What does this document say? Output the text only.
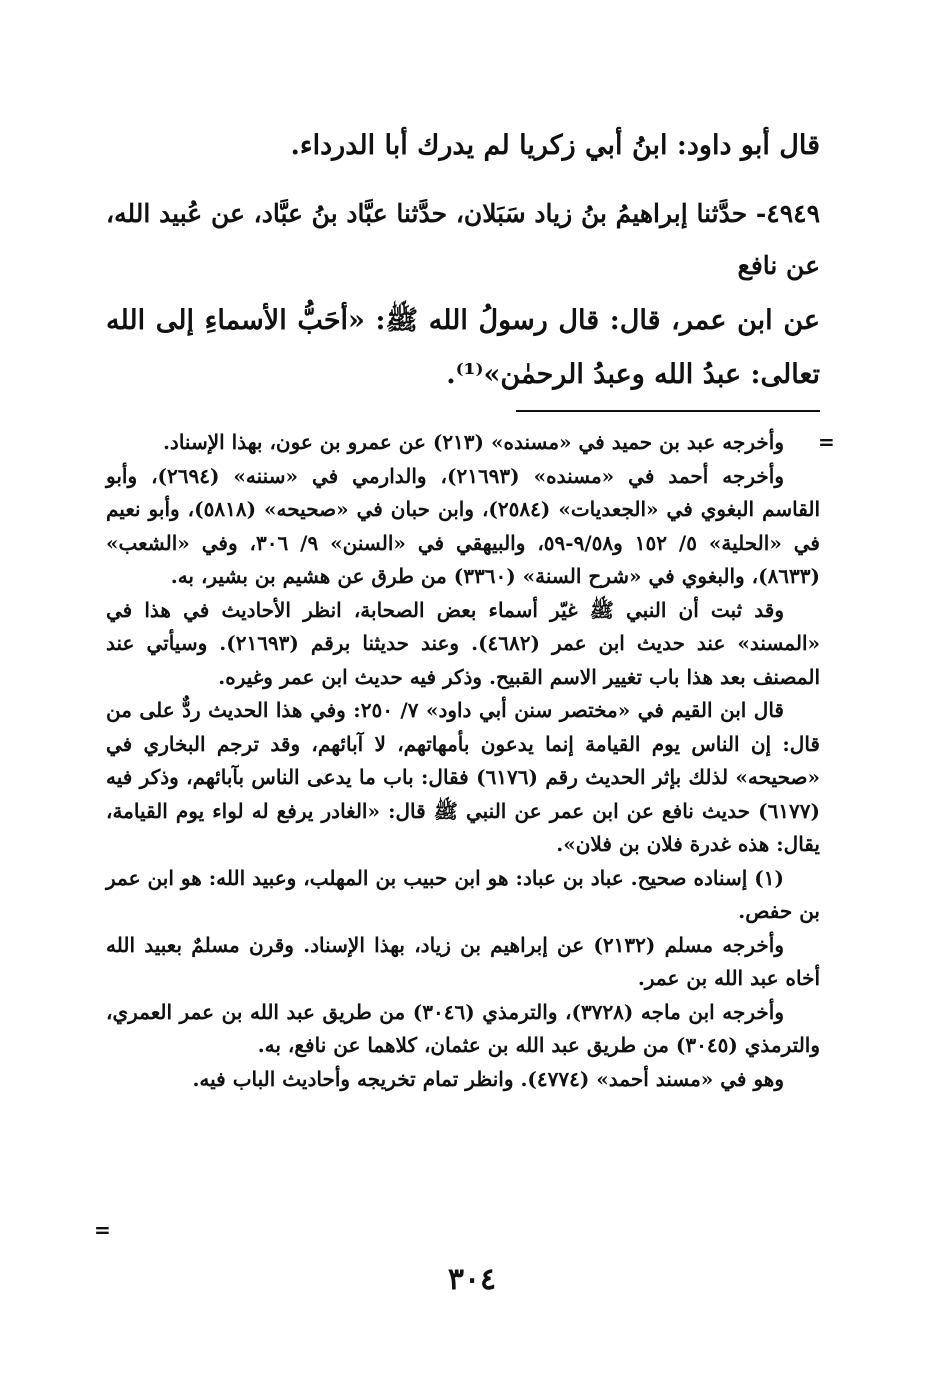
قال أبو داود: ابنُ أبي زكريا لم يدرك أبا الدرداء.

٤٩٤٩- حدَّثنا إبراهيمُ بنُ زياد سَبَلان، حدَّثنا عبَّاد بنُ عبَّاد، عن عُبيد الله، عن نافع

عن ابن عمر، قال: قال رسولُ الله ﷺ: «أحَبُّ الأسماءِ إلى الله تعالى: عبدُ الله وعبدُ الرحمٰن»⁽¹⁾.

=

وأخرجه عبد بن حميد في «مسنده» (٢١٣) عن عمرو بن عون، بهذا الإسناد.

وأخرجه أحمد في «مسنده» (٢١٦٩٣)، والدارمي في «سننه» (٢٦٩٤)، وأبو القاسم البغوي في «الجعديات» (٢٥٨٤)، وابن حبان في «صحيحه» (٥٨١٨)، وأبو نعيم في «الحلية» ٥/ ١٥٢ و٩/٥٨-٥٩، والبيهقي في «السنن» ٩/ ٣٠٦، وفي «الشعب» (٨٦٣٣)، والبغوي في «شرح السنة» (٣٣٦٠) من طرق عن هشيم بن بشير، به.

وقد ثبت أن النبي ﷺ غيّر أسماء بعض الصحابة، انظر الأحاديث في هذا في «المسند» عند حديث ابن عمر (٤٦٨٢). وعند حديثنا برقم (٢١٦٩٣). وسيأتي عند المصنف بعد هذا باب تغيير الاسم القبيح. وذكر فيه حديث ابن عمر وغيره.

قال ابن القيم في «مختصر سنن أبي داود» ٧/ ٢٥٠: وفي هذا الحديث ردٌّ على من قال: إن الناس يوم القيامة إنما يدعون بأمهاتهم، لا آبائهم، وقد ترجم البخاري في «صحيحه» لذلك بإثر الحديث رقم (٦١٧٦) فقال: باب ما يدعى الناس بآبائهم، وذكر فيه (٦١٧٧) حديث نافع عن ابن عمر عن النبي ﷺ قال: «الغادر يرفع له لواء يوم القيامة، يقال: هذه غدرة فلان بن فلان».

(١) إسناده صحيح. عباد بن عباد: هو ابن حبيب بن المهلب، وعبيد الله: هو ابن عمر بن حفص.

وأخرجه مسلم (٢١٣٢) عن إبراهيم بن زياد، بهذا الإسناد. وقرن مسلمٌ بعبيد الله أخاه عبد الله بن عمر.

وأخرجه ابن ماجه (٣٧٢٨)، والترمذي (٣٠٤٦) من طريق عبد الله بن عمر العمري، والترمذي (٣٠٤٥) من طريق عبد الله بن عثمان، كلاهما عن نافع، به.

وهو في «مسند أحمد» (٤٧٧٤). وانظر تمام تخريجه وأحاديث الباب فيه.

=
٣٠٤
